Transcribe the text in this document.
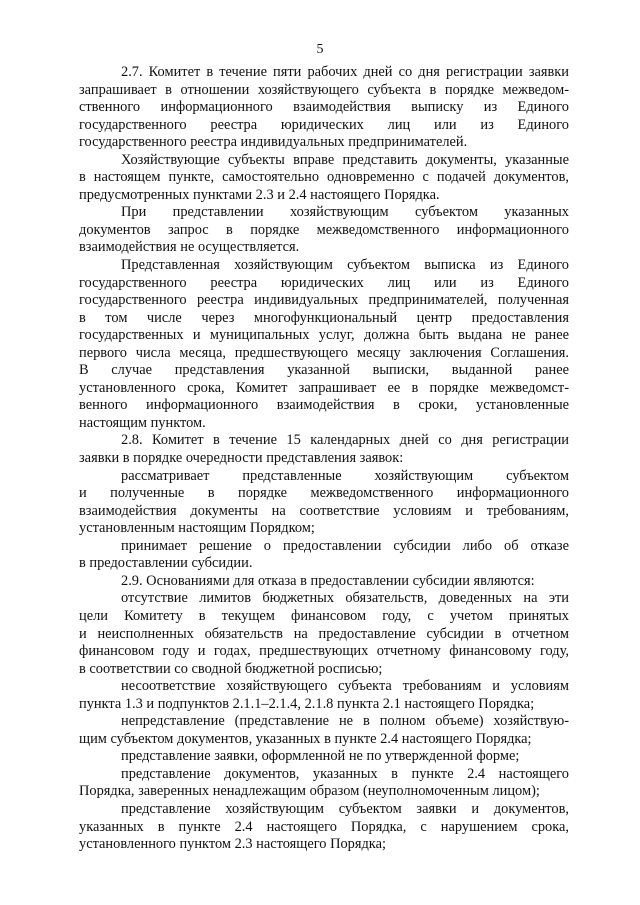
5

2.7. Комитет в течение пяти рабочих дней со дня регистрации заявки
запрашивает в отношении хозяйствующего субъекта в порядке межведом-
ственного информационного взаимодействия выписку из Единого
государственного реестра юридических лиц или из Единого
государственного реестра индивидуальных предпринимателей.

Хозяйствующие субъекты вправе представить документы, указанные
в настоящем пункте, самостоятельно одновременно с подачей документов,
предусмотренных пунктами 2.3 и 2.4 настоящего Порядка.

При представлении хозяйствующим субъектом указанных
документов запрос в порядке межведомственного информационного
взаимодействия не осуществляется.

Представленная хозяйствующим субъектом выписка из Единого
государственного реестра юридических лиц или из Единого
государственного реестра индивидуальных предпринимателей, полученная
в том числе через многофункциональный центр предоставления
государственных и муниципальных услуг, должна быть выдана не ранее
первого числа месяца, предшествующего месяцу заключения Соглашения.
В случае представления указанной выписки, выданной ранее
установленного срока, Комитет запрашивает ее в порядке межведомст-
венного информационного взаимодействия в сроки, установленные
настоящим пунктом.

2.8. Комитет в течение 15 календарных дней со дня регистрации
заявки в порядке очередности представления заявок:

рассматривает представленные хозяйствующим субъектом
и полученные в порядке межведомственного информационного
взаимодействия документы на соответствие условиям и требованиям,
установленным настоящим Порядком;

принимает решение о предоставлении субсидии либо об отказе
в предоставлении субсидии.

2.9. Основаниями для отказа в предоставлении субсидии являются:

отсутствие лимитов бюджетных обязательств, доведенных на эти
цели Комитету в текущем финансовом году, с учетом принятых
и неисполненных обязательств на предоставление субсидии в отчетном
финансовом году и годах, предшествующих отчетному финансовому году,
в соответствии со сводной бюджетной росписью;

несоответствие хозяйствующего субъекта требованиям и условиям
пункта 1.3 и подпунктов 2.1.1–2.1.4, 2.1.8 пункта 2.1 настоящего Порядка;

непредставление (представление не в полном объеме) хозяйствую-
щим субъектом документов, указанных в пункте 2.4 настоящего Порядка;

представление заявки, оформленной не по утвержденной форме;

представление документов, указанных в пункте 2.4 настоящего
Порядка, заверенных ненадлежащим образом (неуполномоченным лицом);

представление хозяйствующим субъектом заявки и документов,
указанных в пункте 2.4 настоящего Порядка, с нарушением срока,
установленного пунктом 2.3 настоящего Порядка;
